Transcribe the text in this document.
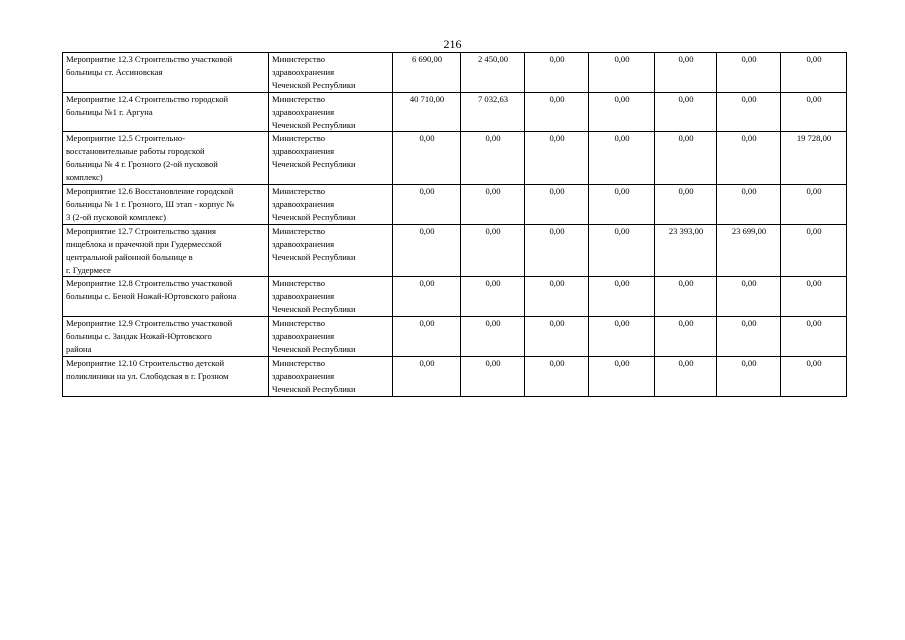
216
Мероприятие 12.3 Строительство участковой
больницы ст. Ассиновская	Министерство
здравоохранения
Чеченской Республики	6 690,00	2 450,00	0,00	0,00	0,00	0,00	0,00

Мероприятие 12.4 Строительство городской
больницы №1 г. Аргуна	Министерство
здравоохранения
Чеченской Республики	40 710,00	7 032,63	0,00	0,00	0,00	0,00	0,00

Мероприятие 12.5 Строительно-
восстановительные работы городской
больницы № 4 г. Грозного (2-ой пусковой
комплекс)	Министерство
здравоохранения
Чеченской Республики	0,00	0,00	0,00	0,00	0,00	0,00	19 728,00

Мероприятие 12.6 Восстановление городской
больницы № 1 г. Грозного, Ш этап - корпус №
3 (2-ой пусковой комплекс)	Министерство
здравоохранения
Чеченской Республики	0,00	0,00	0,00	0,00	0,00	0,00	0,00

Мероприятие 12.7 Строительство здания
пищеблока и прачечной при Гудермесской
центральной районной больнице в
г. Гудермесе	Министерство
здравоохранения
Чеченской Республики	0,00	0,00	0,00	0,00	23 393,00	23 699,00	0,00

Мероприятие 12.8 Строительство участковой
больницы с. Беной Ножай-Юртовского района	Министерство
здравоохранения
Чеченской Республики	0,00	0,00	0,00	0,00	0,00	0,00	0,00

Мероприятие 12.9 Строительство участковой
больницы с. Зандак Ножай-Юртовского
района	Министерство
здравоохранения
Чеченской Республики	0,00	0,00	0,00	0,00	0,00	0,00	0,00

Мероприятие 12.10 Строительство детской
поликлиники на ул. Слободская в г. Грозном	Министерство
здравоохранения
Чеченской Республики	0,00	0,00	0,00	0,00	0,00	0,00	0,00
